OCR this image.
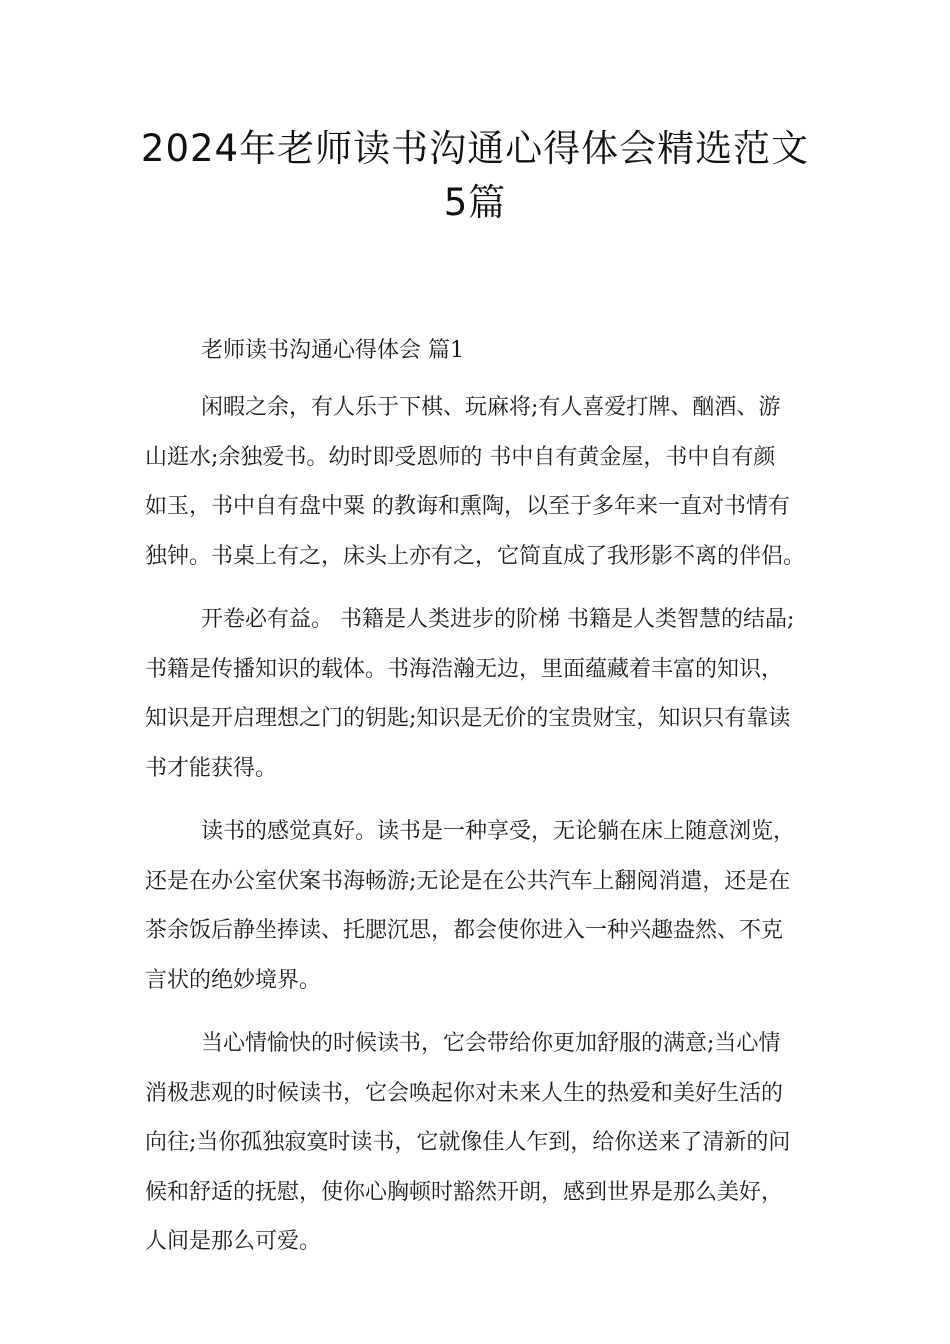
2024年老师读书沟通心得体会精选范文
5篇

老师读书沟通心得体会 篇1

闲暇之余，有人乐于下棋、玩麻将;有人喜爱打牌、酗酒、游
山逛水;余独爱书。幼时即受恩师的 书中自有黄金屋，书中自有颜
如玉，书中自有盘中粟 的教诲和熏陶，以至于多年来一直对书情有
独钟。书桌上有之，床头上亦有之，它简直成了我形影不离的伴侣。
开卷必有益。 书籍是人类进步的阶梯 书籍是人类智慧的结晶;
书籍是传播知识的载体。书海浩瀚无边，里面蕴藏着丰富的知识，
知识是开启理想之门的钥匙;知识是无价的宝贵财宝，知识只有靠读
书才能获得。
读书的感觉真好。读书是一种享受，无论躺在床上随意浏览，
还是在办公室伏案书海畅游;无论是在公共汽车上翻阅消遣，还是在
茶余饭后静坐捧读、托腮沉思，都会使你进入一种兴趣盎然、不克
言状的绝妙境界。
当心情愉快的时候读书，它会带给你更加舒服的满意;当心情
消极悲观的时候读书，它会唤起你对未来人生的热爱和美好生活的
向往;当你孤独寂寞时读书，它就像佳人乍到，给你送来了清新的问
候和舒适的抚慰，使你心胸顿时豁然开朗，感到世界是那么美好，
人间是那么可爱。
